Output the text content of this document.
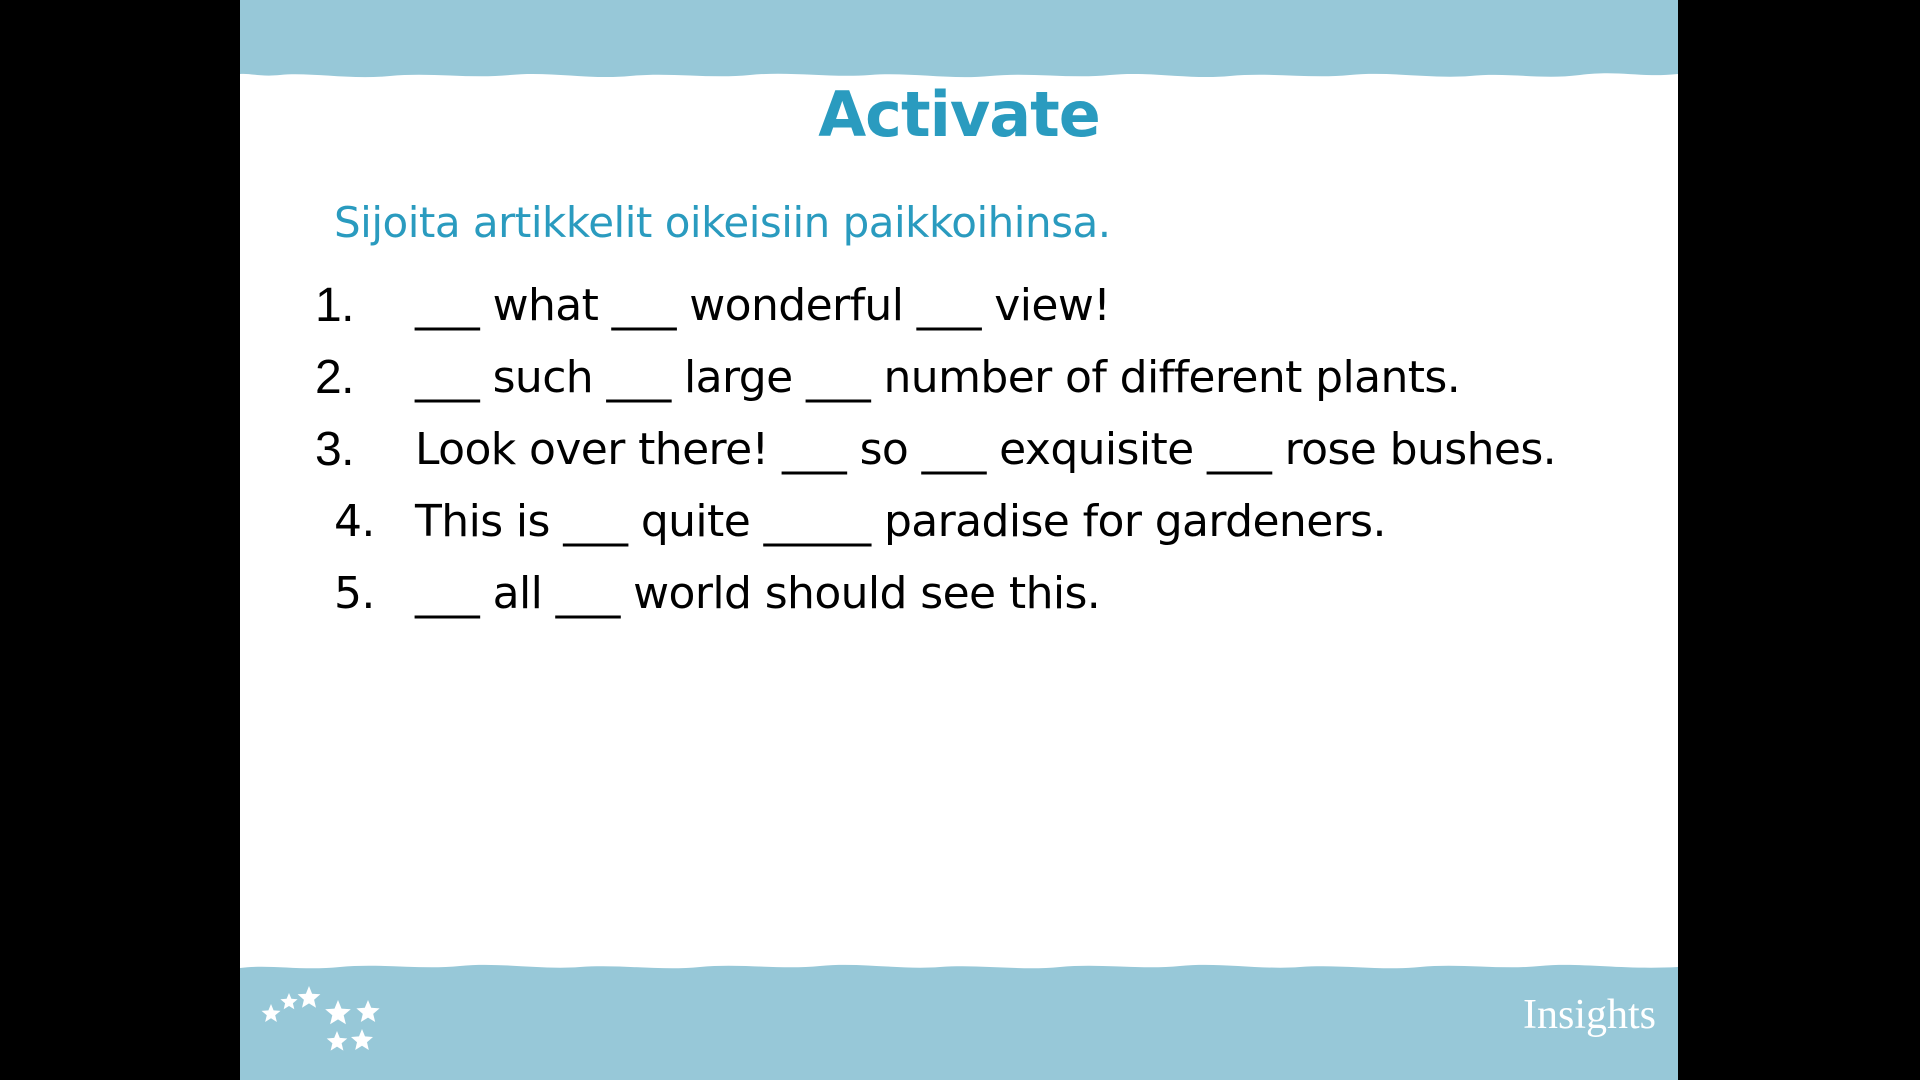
Activate
Sijoita artikkelit oikeisiin paikkoihinsa.
1. ___ what ___ wonderful ___ view!
2. ___ such ___ large ___ number of different plants.
3. Look over there! ___ so ___ exquisite ___ rose bushes.
4. This is ___ quite _____ paradise for gardeners.
5. ___ all ___ world should see this.
Insights
